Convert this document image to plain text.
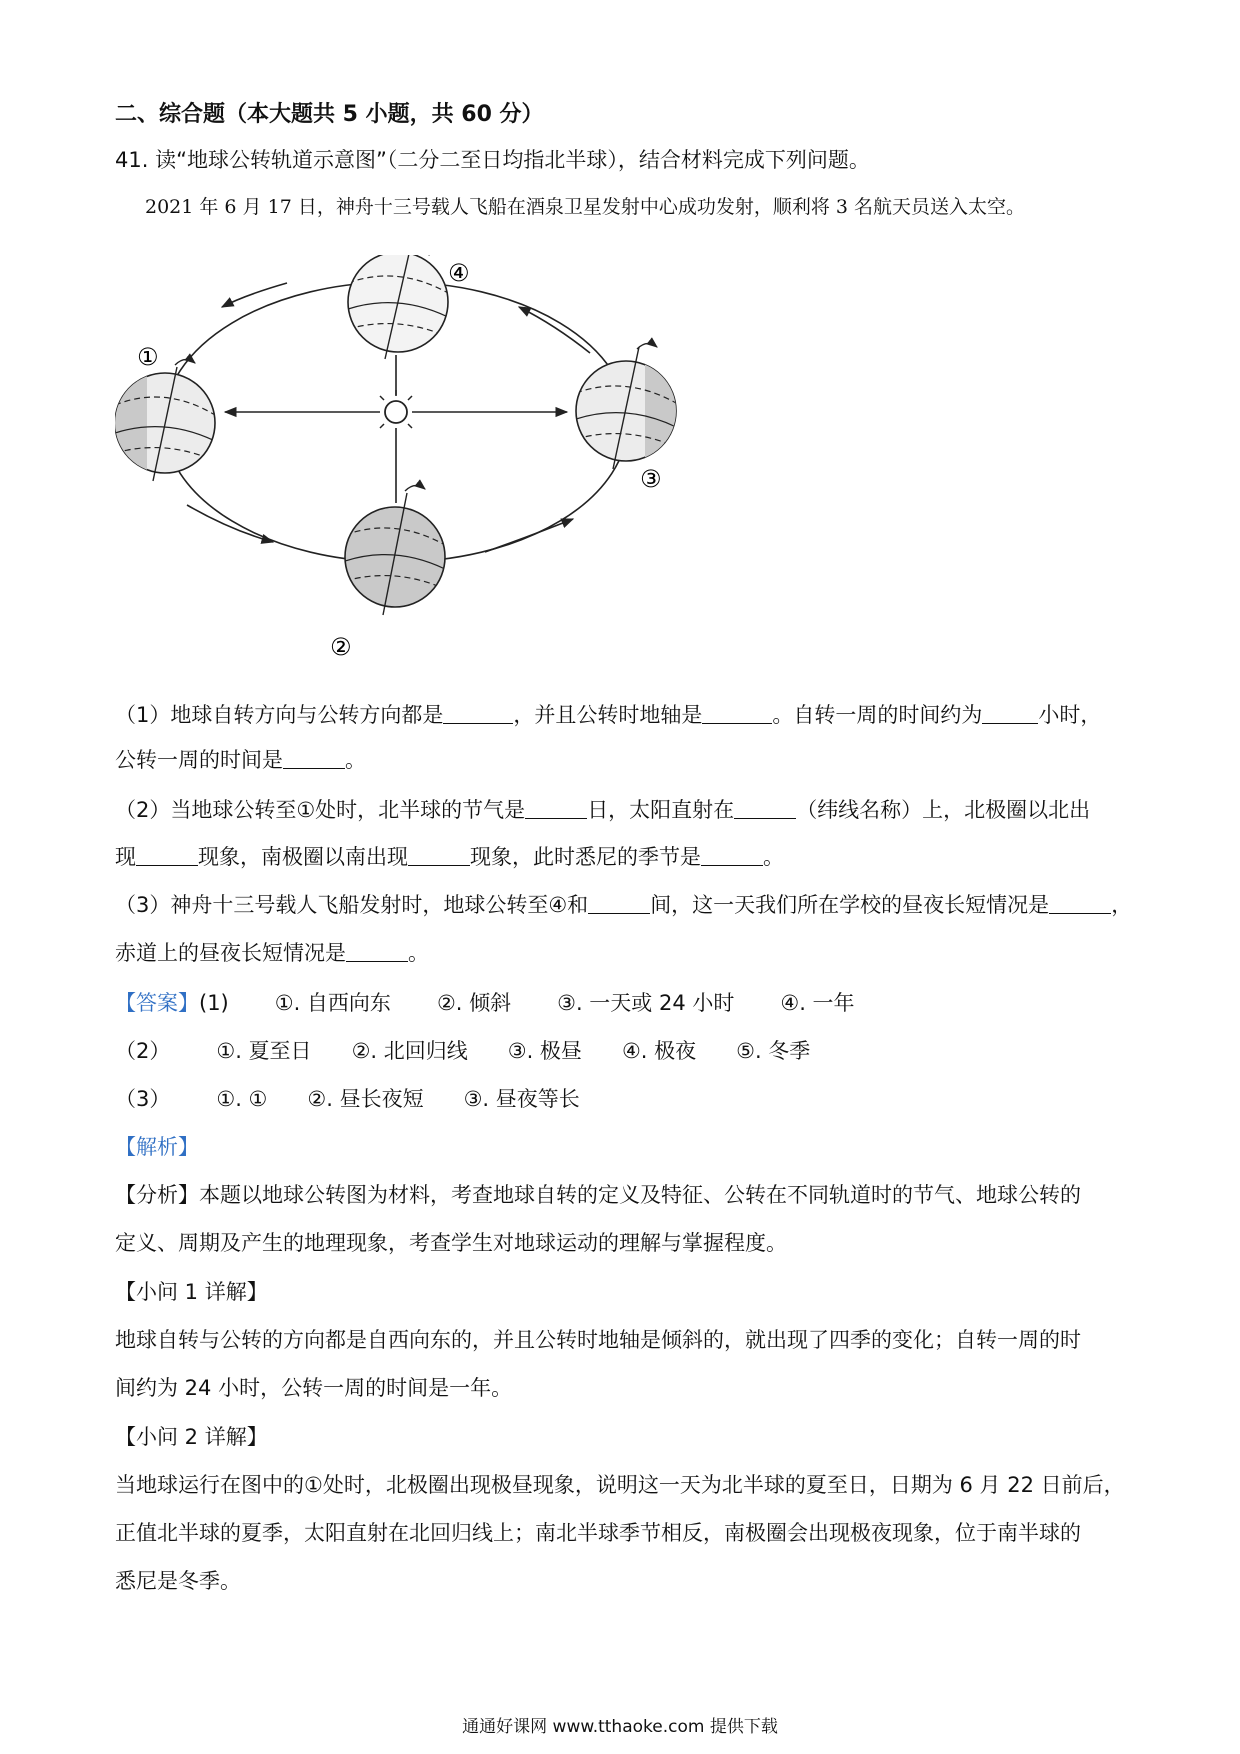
二、综合题（本大题共 5 小题，共 60 分）
41. 读“地球公转轨道示意图”（二分二至日均指北半球），结合材料完成下列问题。
2021 年 6 月 17 日，神舟十三号载人飞船在酒泉卫星发射中心成功发射，顺利将 3 名航天员送入太空。
①
②
③
④
（1）地球自转方向与公转方向都是	，并且公转时地轴是	。自转一周的时间约为	小时，
公转一周的时间是	。
（2）当地球公转至①处时，北半球的节气是	日，太阳直射在	（纬线名称）上，北极圈以北出
现	现象，南极圈以南出现	现象，此时悉尼的季节是	。
（3）神舟十三号载人飞船发射时，地球公转至④和	间，这一天我们所在学校的昼夜长短情况是	，
赤道上的昼夜长短情况是	。
【答案】(1) ①. 自西向东 ②. 倾斜 ③. 一天或 24 小时 ④. 一年
（2） ①. 夏至日 ②. 北回归线 ③. 极昼 ④. 极夜 ⑤. 冬季
（3） ①. ① ②. 昼长夜短 ③. 昼夜等长
【解析】
【分析】本题以地球公转图为材料，考查地球自转的定义及特征、公转在不同轨道时的节气、地球公转的
定义、周期及产生的地理现象，考查学生对地球运动的理解与掌握程度。
【小问 1 详解】
地球自转与公转的方向都是自西向东的，并且公转时地轴是倾斜的，就出现了四季的变化；自转一周的时
间约为 24 小时，公转一周的时间是一年。
【小问 2 详解】
当地球运行在图中的①处时，北极圈出现极昼现象，说明这一天为北半球的夏至日，日期为 6 月 22 日前后，
正值北半球的夏季，太阳直射在北回归线上；南北半球季节相反，南极圈会出现极夜现象，位于南半球的
悉尼是冬季。
通通好课网 www.tthaoke.com 提供下载
